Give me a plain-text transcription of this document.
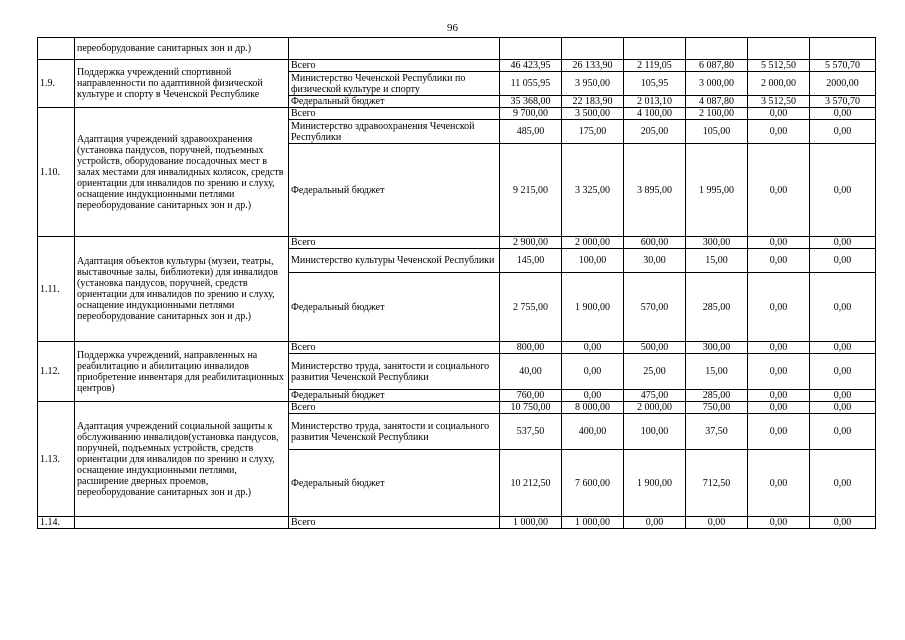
96
	переоборудование санитарных зон и др.)							
1.9.	Поддержка учреждений спортивной направленности по адаптивной физической культуре и спорту в Чеченской Республике	Всего	46 423,95	26 133,90	2 119,05	6 087,80	5 512,50	5 570,70
		Министерство Чеченской Республики по физической культуре и спорту	11 055,95	3 950,00	105,95	3 000,00	2 000,00	2000,00
		Федеральный бюджет	35 368,00	22 183,90	2 013,10	4 087,80	3 512,50	3 570,70
1.10.	Адаптация учреждений здравоохранения (установка пандусов, поручней, подъемных устройств, оборудование посадочных мест в залах местами для инвалидных колясок, средств ориентации для инвалидов по зрению и слуху, оснащение индукционными петлями переоборудование санитарных зон и др.)	Всего	9 700,00	3 500,00	4 100,00	2 100,00	0,00	0,00
		Министерство здравоохранения Чеченской Республики	485,00	175,00	205,00	105,00	0,00	0,00
		Федеральный бюджет	9 215,00	3 325,00	3 895,00	1 995,00	0,00	0,00
1.11.	Адаптация объектов культуры (музеи, театры, выставочные залы, библиотеки) для инвалидов (установка пандусов, поручней, средств ориентации для инвалидов по зрению и слуху, оснащение индукционными петлями переоборудование санитарных зон и др.)	Всего	2 900,00	2 000,00	600,00	300,00	0,00	0,00
		Министерство культуры Чеченской Республики	145,00	100,00	30,00	15,00	0,00	0,00
		Федеральный бюджет	2 755,00	1 900,00	570,00	285,00	0,00	0,00
1.12.	Поддержка учреждений, направленных на реабилитацию и абилитацию инвалидов приобретение инвентаря для реабилитационных центров)	Всего	800,00	0,00	500,00	300,00	0,00	0,00
		Министерство труда, занятости и социального развития Чеченской Республики	40,00	0,00	25,00	15,00	0,00	0,00
		Федеральный бюджет	760,00	0,00	475,00	285,00	0,00	0,00
1.13.	Адаптация учреждений социальной защиты к обслуживанию инвалидов(установка пандусов, поручней, подъемных устройств, средств ориентации для инвалидов по зрению и слуху, оснащение индукционными петлями, расширение дверных проемов, переоборудование санитарных зон и др.)	Всего	10 750,00	8 000,00	2 000,00	750,00	0,00	0,00
		Министерство труда, занятости и социального развития Чеченской Республики	537,50	400,00	100,00	37,50	0,00	0,00
		Федеральный бюджет	10 212,50	7 600,00	1 900,00	712,50	0,00	0,00
1.14.		Всего	1 000,00	1 000,00	0,00	0,00	0,00	0,00
